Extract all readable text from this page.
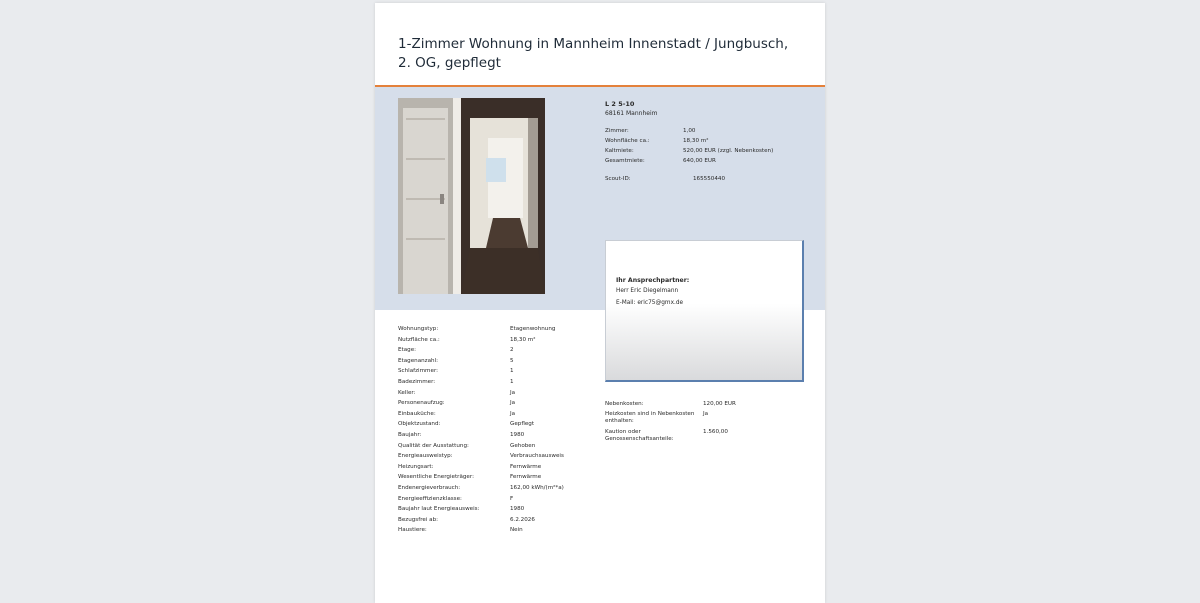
1-Zimmer Wohnung in Mannheim Innenstadt / Jungbusch, 2. OG, gepflegt
L 2 5-10
68161 Mannheim
Zimmer:	1,00
Wohnfläche ca.:	18,30 m²
Kaltmiete:	520,00 EUR (zzgl. Nebenkosten)
Gesamtmiete:	640,00 EUR
Scout-ID:	165550440
Ihr Ansprechpartner:
Herr Eric Diegelmann
E-Mail: eric75@gmx.de
Wohnungstyp:	Etagenwohnung
Nutzfläche ca.:	18,30 m²
Etage:	2
Etagenanzahl:	5
Schlafzimmer:	1
Badezimmer:	1
Keller:	Ja
Personenaufzug:	Ja
Einbauküche:	Ja
Objektzustand:	Gepflegt
Baujahr:	1980
Qualität der Ausstattung:	Gehoben
Energieausweistyp:	Verbrauchsausweis
Heizungsart:	Fernwärme
Wesentliche Energieträger:	Fernwärme
Endenergieverbrauch:	162,00 kWh/(m²*a)
Energieeffizienzklasse:	F
Baujahr laut Energieausweis:	1980
Bezugsfrei ab:	6.2.2026
Haustiere:	Nein
Nebenkosten:	120,00 EUR
Heizkosten sind in Nebenkosten enthalten:
Ja
Kaution oder Genossenschaftsanteile:
1.560,00
